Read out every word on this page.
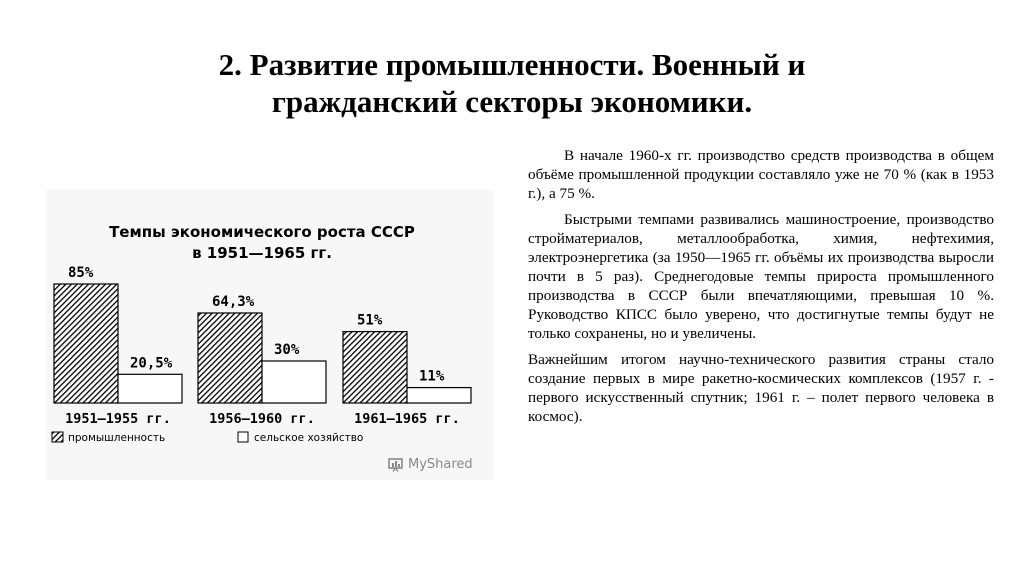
2. Развитие промышленности. Военный и
гражданский секторы экономики.
Темпы экономического роста СССР
в 1951—1965 гг.
85%
20,5%
1951—1955 гг.
64,3%
30%
1956—1960 гг.
51%
11%
1961—1965 гг.
промышленность	сельское хозяйство
MyShared

В начале 1960-х гг. производство средств производства в общем объёме промышленной продукции составляло уже не 70 % (как в 1953 г.), а 75 %.

Быстрыми темпами развивались машиностроение, производство стройматериалов, металлообработка, химия, нефтехимия, электроэнергетика (за 1950—1965 гг. объёмы их производства выросли почти в 5 раз). Среднегодовые темпы прироста промышленного производства в СССР были впечатляющими, превышая 10 %. Руководство КПСС было уверено, что достигнутые темпы будут не только сохранены, но и увеличены.

Важнейшим итогом научно-технического развития страны стало создание первых в мире ракетно-космических комплексов (1957 г. - первого искусственный спутник; 1961 г. – полет первого человека в космос).
